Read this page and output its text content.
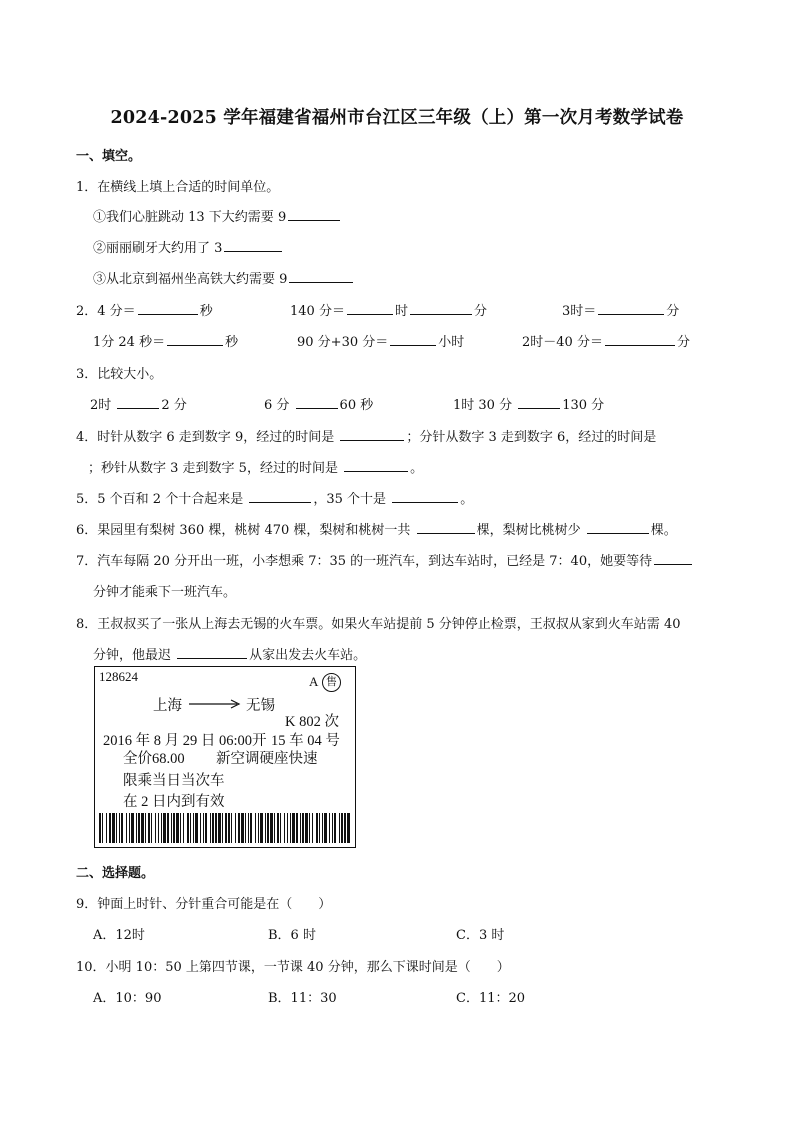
2024-2025 学年福建省福州市台江区三年级（上）第一次月考数学试卷
一、填空。
1．在横线上填上合适的时间单位。
①我们心脏跳动 13 下大约需要 9
②丽丽刷牙大约用了 3
③从北京到福州坐高铁大约需要 9
2．4 分＝	秒	140 分＝	时	分	3时＝	分
1分 24 秒＝	秒	90 分+30 分＝	小时	2时－40 分＝	分
3．比较大小。
2时	2 分	6 分	60 秒	1时 30 分	130 分
4．时针从数字 6 走到数字 9，经过的时间是	；分针从数字 3 走到数字 6，经过的时间是
；秒针从数字 3 走到数字 5，经过的时间是	。
5．5 个百和 2 个十合起来是	，35 个十是	。
6．果园里有梨树 360 棵，桃树 470 棵，梨树和桃树一共	棵，梨树比桃树少	棵。
7．汽车每隔 20 分开出一班，小李想乘 7：35 的一班汽车，到达车站时，已经是 7：40，她要等待
分钟才能乘下一班汽车。
8．王叔叔买了一张从上海去无锡的火车票。如果火车站提前 5 分钟停止检票，王叔叔从家到火车站需 40
分钟，他最迟	从家出发去火车站。
128624	A 售
上海	无锡
K 802 次
2016 年 8 月 29 日 06:00开 15 车 04 号
全价68.00 新空调硬座快速
限乘当日当次车
在 2 日内到有效
二、选择题。
9．钟面上时针、分针重合可能是在（　　）
A．12时	B．6 时	C．3 时
10．小明 10：50 上第四节课，一节课 40 分钟，那么下课时间是（　　）
A．10：90	B．11：30	C．11：20
